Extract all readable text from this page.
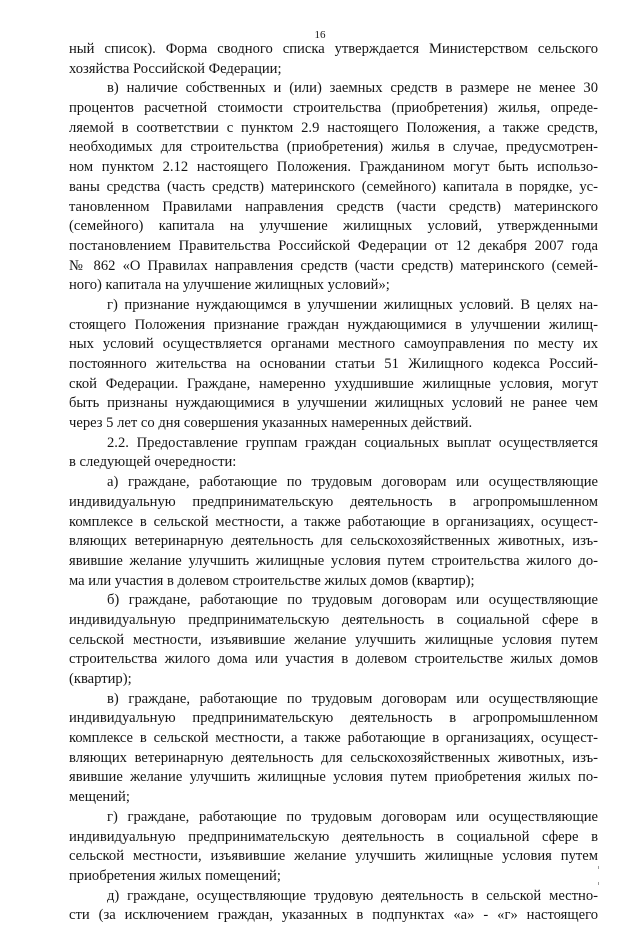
16
ный список). Форма сводного списка утверждается Министерством сельского
хозяйства Российской Федерации;
в) наличие собственных и (или) заемных средств в размере не менее 30
процентов расчетной стоимости строительства (приобретения) жилья, опреде-
ляемой в соответствии с пунктом 2.9 настоящего Положения, а также средств,
необходимых для строительства (приобретения) жилья в случае, предусмотрен-
ном пунктом 2.12 настоящего Положения. Гражданином могут быть использо-
ваны средства (часть средств) материнского (семейного) капитала в порядке, ус-
тановленном Правилами направления средств (части средств) материнского
(семейного) капитала на улучшение жилищных условий, утвержденными
постановлением Правительства Российской Федерации от 12 декабря 2007 года
№ 862 «О Правилах направления средств (части средств) материнского (семей-
ного) капитала на улучшение жилищных условий»;
г) признание нуждающимся в улучшении жилищных условий. В целях на-
стоящего Положения признание граждан нуждающимися в улучшении жилищ-
ных условий осуществляется органами местного самоуправления по месту их
постоянного жительства на основании статьи 51 Жилищного кодекса Россий-
ской Федерации. Граждане, намеренно ухудшившие жилищные условия, могут
быть признаны нуждающимися в улучшении жилищных условий не ранее чем
через 5 лет со дня совершения указанных намеренных действий.
2.2. Предоставление группам граждан социальных выплат осуществляется
в следующей очередности:
а) граждане, работающие по трудовым договорам или осуществляющие
индивидуальную предпринимательскую деятельность в агропромышленном
комплексе в сельской местности, а также работающие в организациях, осущест-
вляющих ветеринарную деятельность для сельскохозяйственных животных, изъ-
явившие желание улучшить жилищные условия путем строительства жилого до-
ма или участия в долевом строительстве жилых домов (квартир);
б) граждане, работающие по трудовым договорам или осуществляющие
индивидуальную предпринимательскую деятельность в социальной сфере в
сельской местности, изъявившие желание улучшить жилищные условия путем
строительства жилого дома или участия в долевом строительстве жилых домов
(квартир);
в) граждане, работающие по трудовым договорам или осуществляющие
индивидуальную предпринимательскую деятельность в агропромышленном
комплексе в сельской местности, а также работающие в организациях, осущест-
вляющих ветеринарную деятельность для сельскохозяйственных животных, изъ-
явившие желание улучшить жилищные условия путем приобретения жилых по-
мещений;
г) граждане, работающие по трудовым договорам или осуществляющие
индивидуальную предпринимательскую деятельность в социальной сфере в
сельской местности, изъявившие желание улучшить жилищные условия путем
приобретения жилых помещений;
д) граждане, осуществляющие трудовую деятельность в сельской местно-
сти (за исключением граждан, указанных в подпунктах «а» - «г» настоящего
